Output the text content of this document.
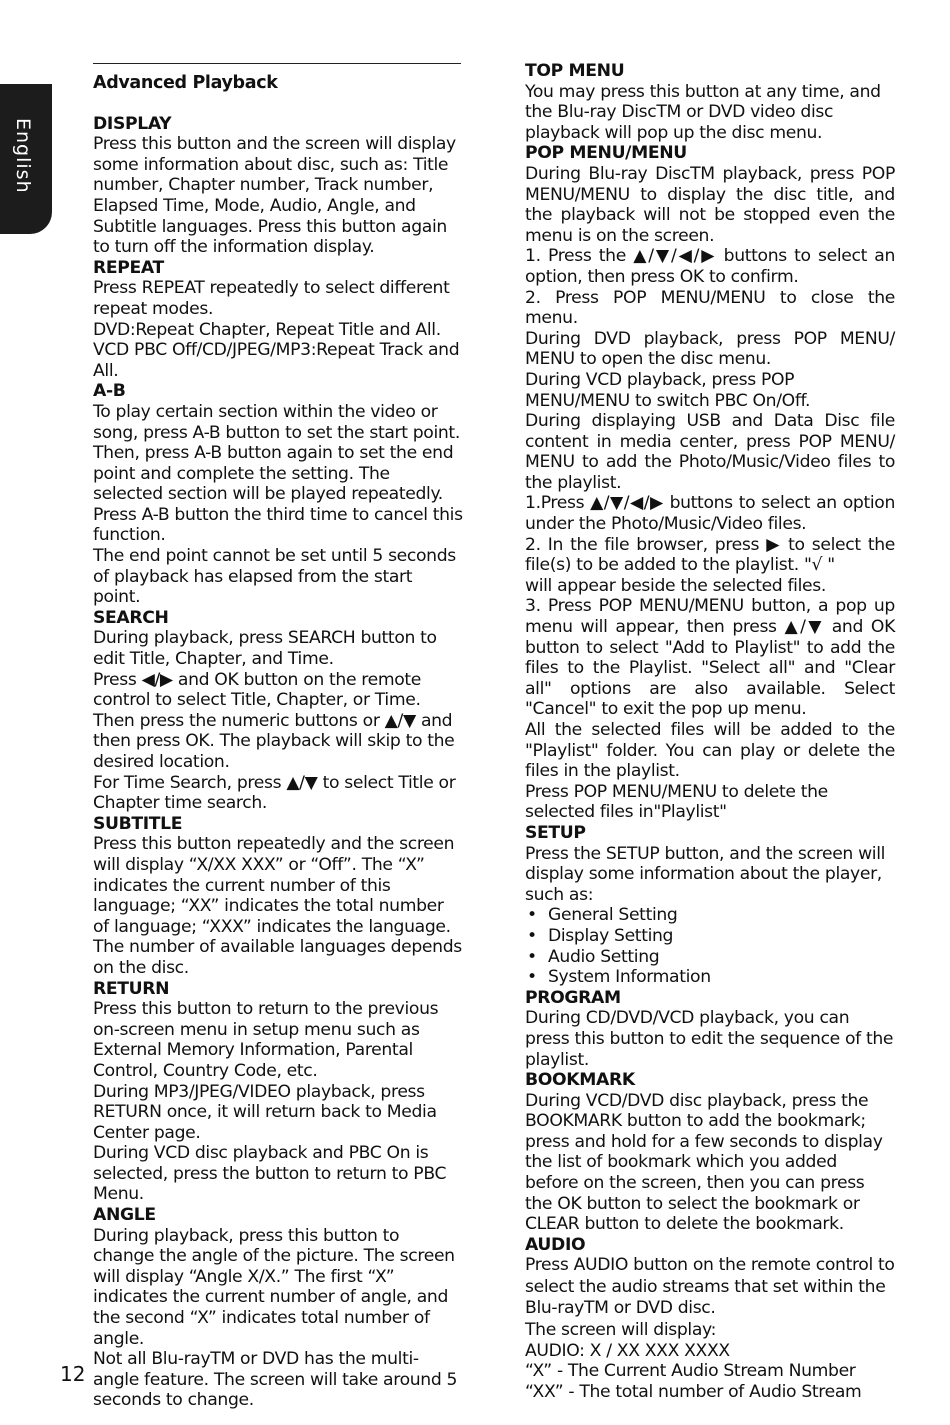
English
Advanced Playback
DISPLAY
Press this button and the screen will display some information about disc, such as: Title number, Chapter number, Track number, Elapsed Time, Mode, Audio, Angle, and Subtitle languages. Press this button again to turn off the information display.
REPEAT
Press REPEAT repeatedly to select different repeat modes.
DVD:Repeat Chapter, Repeat Title and All.
VCD PBC Off/CD/JPEG/MP3:Repeat Track and All.
A-B
To play certain section within the video or song, press A-B button to set the start point. Then, press A-B button again to set the end point and complete the setting. The selected section will be played repeatedly.
Press A-B button the third time to cancel this function.
The end point cannot be set until 5 seconds of playback has elapsed from the start point.
SEARCH
During playback, press SEARCH button to edit Title, Chapter, and Time.
Press ◀/▶ and OK button on the remote control to select Title, Chapter, or Time. Then press the numeric buttons or ▲/▼ and then press OK. The playback will skip to the desired location.
For Time Search, press ▲/▼ to select Title or Chapter time search.
SUBTITLE
Press this button repeatedly and the screen will display “X/XX XXX” or “Off”. The “X” indicates the current number of this language; “XX” indicates the total number of language; “XXX” indicates the language.
The number of available languages depends on the disc.
RETURN
Press this button to return to the previous on-screen menu in setup menu such as External Memory Information, Parental Control, Country Code, etc.
During MP3/JPEG/VIDEO playback, press RETURN once, it will return back to Media Center page.
During VCD disc playback and PBC On is selected, press the button to return to PBC Menu.
ANGLE
During playback, press this button to change the angle of the picture. The screen will display “Angle X/X.” The first “X” indicates the current number of angle, and the second “X” indicates total number of angle.
Not all Blu-rayTM or DVD has the multi-angle feature. The screen will take around 5 seconds to change.
TOP MENU
You may press this button at any time, and the Blu-ray DiscTM or DVD video disc playback will pop up the disc menu.
POP MENU/MENU
During Blu-ray DiscTM playback, press POP MENU/MENU to display the disc title, and the playback will not be stopped even the menu is on the screen.
1. Press the ▲/▼/◀/▶ buttons to select an option, then press OK to confirm.
2. Press POP MENU/MENU to close the menu.
During DVD playback, press POP MENU/ MENU to open the disc menu.
During VCD playback, press POP MENU/MENU to switch PBC On/Off.
During displaying USB and Data Disc file content in media center, press POP MENU/ MENU to add the Photo/Music/Video files to the playlist.
1.Press ▲/▼/◀/▶ buttons to select an option under the Photo/Music/Video files.
2. In the file browser, press ▶ to select the file(s) to be added to the playlist. "√ "
will appear beside the selected files.
3. Press POP MENU/MENU button, a pop up menu will appear, then press ▲/▼ and OK button to select "Add to Playlist" to add the files to the Playlist. "Select all" and "Clear all" options are also available. Select "Cancel" to exit the pop up menu.
All the selected files will be added to the "Playlist" folder. You can play or delete the files in the playlist.
Press POP MENU/MENU to delete the selected files in"Playlist"
SETUP
Press the SETUP button, and the screen will display some information about the player, such as:
• General Setting
• Display Setting
• Audio Setting
• System Information
PROGRAM
During CD/DVD/VCD playback, you can press this button to edit the sequence of the playlist.
BOOKMARK
During VCD/DVD disc playback, press the BOOKMARK button to add the bookmark; press and hold for a few seconds to display the list of bookmark which you added before on the screen, then you can press the OK button to select the bookmark or CLEAR button to delete the bookmark.
AUDIO
Press AUDIO button on the remote control to select the audio streams that set within the Blu-rayTM or DVD disc.
The screen will display:
AUDIO: X / XX XXX XXXX
“X” - The Current Audio Stream Number
“XX” - The total number of Audio Stream
12
